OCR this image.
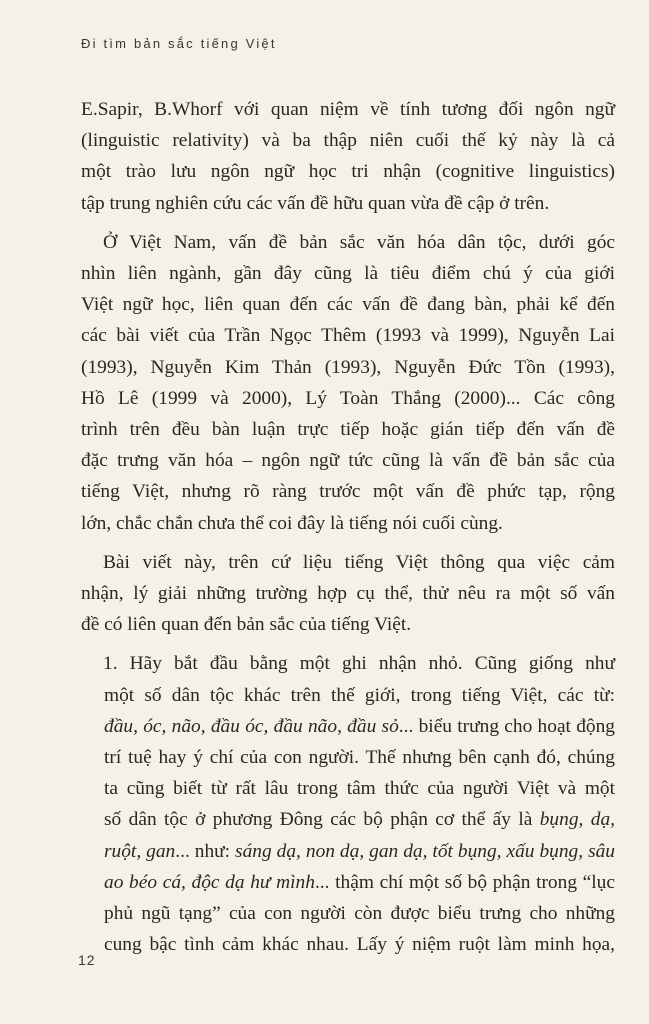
Đi tìm bản sắc tiếng Việt

E.Sapir, B.Whorf với quan niệm về tính tương đối ngôn ngữ

(linguistic relativity) và ba thập niên cuối thế kỷ này là cả

một trào lưu ngôn ngữ học tri nhận (cognitive linguistics)

tập trung nghiên cứu các vấn đề hữu quan vừa đề cập ở trên.

Ở Việt Nam, vấn đề bản sắc văn hóa dân tộc, dưới góc

nhìn liên ngành, gần đây cũng là tiêu điểm chú ý của giới

Việt ngữ học, liên quan đến các vấn đề đang bàn, phải kể đến

các bài viết của Trần Ngọc Thêm (1993 và 1999), Nguyễn Lai

(1993), Nguyễn Kim Thản (1993), Nguyễn Đức Tồn (1993),

Hồ Lê (1999 và 2000), Lý Toàn Thắng (2000)... Các công

trình trên đều bàn luận trực tiếp hoặc gián tiếp đến vấn đề

đặc trưng văn hóa – ngôn ngữ tức cũng là vấn đề bản sắc của

tiếng Việt, nhưng rõ ràng trước một vấn đề phức tạp, rộng

lớn, chắc chắn chưa thể coi đây là tiếng nói cuối cùng.

Bài viết này, trên cứ liệu tiếng Việt thông qua việc cảm

nhận, lý giải những trường hợp cụ thể, thử nêu ra một số vấn

đề có liên quan đến bản sắc của tiếng Việt.

1. Hãy bắt đầu bằng một ghi nhận nhỏ. Cũng giống như

một số dân tộc khác trên thế giới, trong tiếng Việt, các từ:

đầu, óc, não, đầu óc, đầu não, đầu sỏ... biểu trưng cho hoạt động

trí tuệ hay ý chí của con người. Thế nhưng bên cạnh đó, chúng

ta cũng biết từ rất lâu trong tâm thức của người Việt và một

số dân tộc ở phương Đông các bộ phận cơ thể ấy là bụng, dạ,

ruột, gan... như: sáng dạ, non dạ, gan dạ, tốt bụng, xấu bụng, sâu

ao béo cá, độc dạ hư mình... thậm chí một số bộ phận trong “lục

phủ ngũ tạng” của con người còn được biểu trưng cho những

cung bậc tình cảm khác nhau. Lấy ý niệm ruột làm minh họa,

12
